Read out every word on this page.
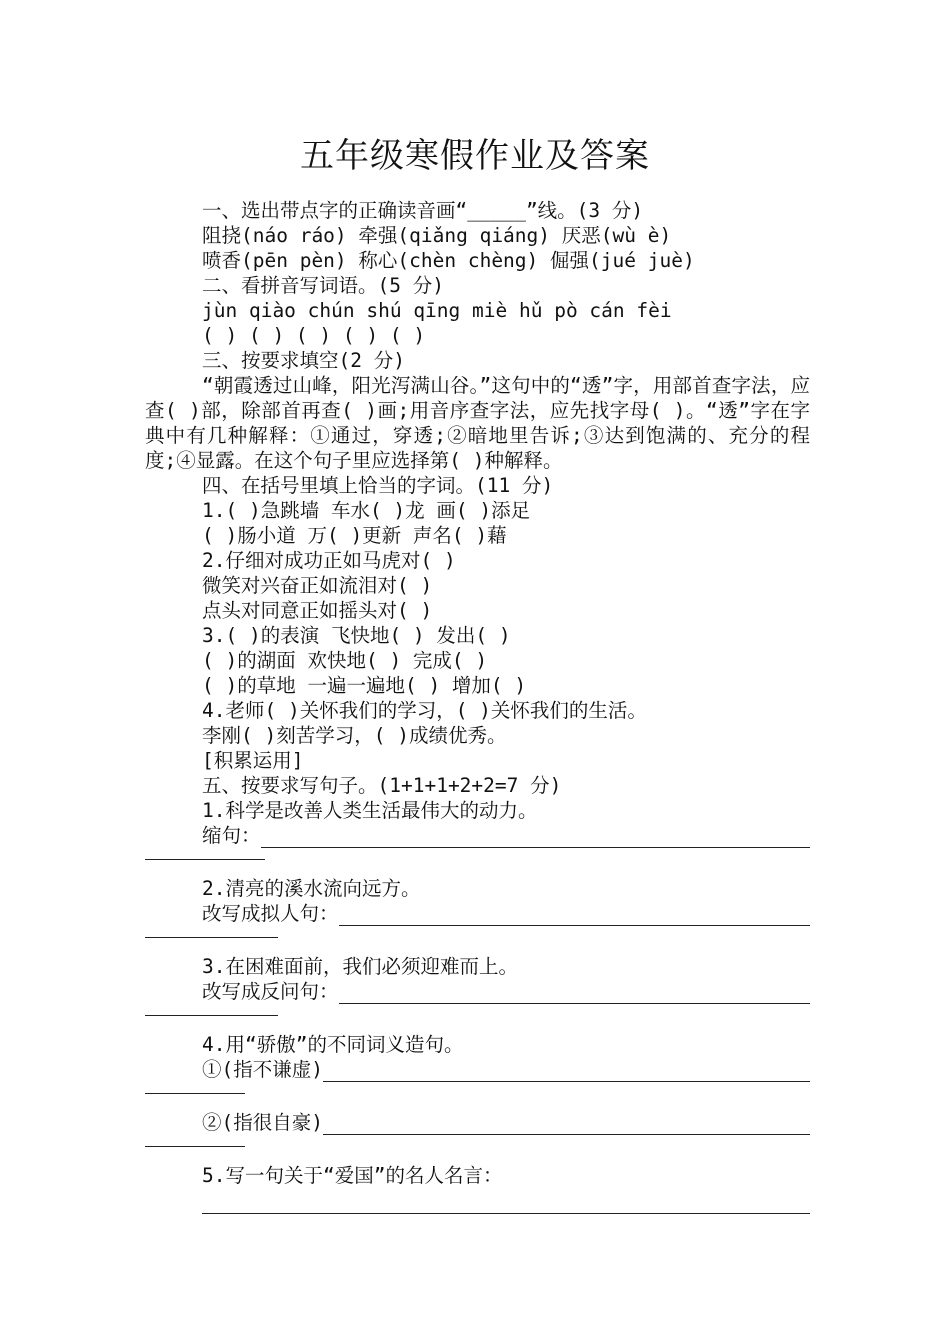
五年级寒假作业及答案
一、选出带点字的正确读音画“_____”线。(3 分)
阻挠(náo ráo) 牵强(qiǎng qiáng) 厌恶(wù è)
喷香(pēn pèn) 称心(chèn chèng) 倔强(jué juè)
二、看拼音写词语。(5 分)
jùn qiào chún shú qīng miè hǔ pò cán fèi
( ) ( ) ( ) ( ) ( )
三、按要求填空(2 分)
“朝霞透过山峰，阳光泻满山谷。”这句中的“透”字，用部首查字法，应查( )部，除部首再查( )画;用音序查字法，应先找字母( )。“透”字在字典中有几种解释：①通过，穿透;②暗地里告诉;③达到饱满的、充分的程度;④显露。在这个句子里应选择第( )种解释。
四、在括号里填上恰当的字词。(11 分)
1.( )急跳墙 车水( )龙 画( )添足
( )肠小道 万( )更新 声名( )藉
2.仔细对成功正如马虎对( )
微笑对兴奋正如流泪对( )
点头对同意正如摇头对( )
3.( )的表演 飞快地( ) 发出( )
( )的湖面 欢快地( ) 完成( )
( )的草地 一遍一遍地( ) 增加( )
4.老师( )关怀我们的学习，( )关怀我们的生活。
李刚( )刻苦学习，( )成绩优秀。
[积累运用]
五、按要求写句子。(1+1+1+2+2=7 分)
1.科学是改善人类生活最伟大的动力。
缩句：
2.清亮的溪水流向远方。
改写成拟人句：
3.在困难面前，我们必须迎难而上。
改写成反问句：
4.用“骄傲”的不同词义造句。
①(指不谦虚)
②(指很自豪)
5.写一句关于“爱国”的名人名言：
